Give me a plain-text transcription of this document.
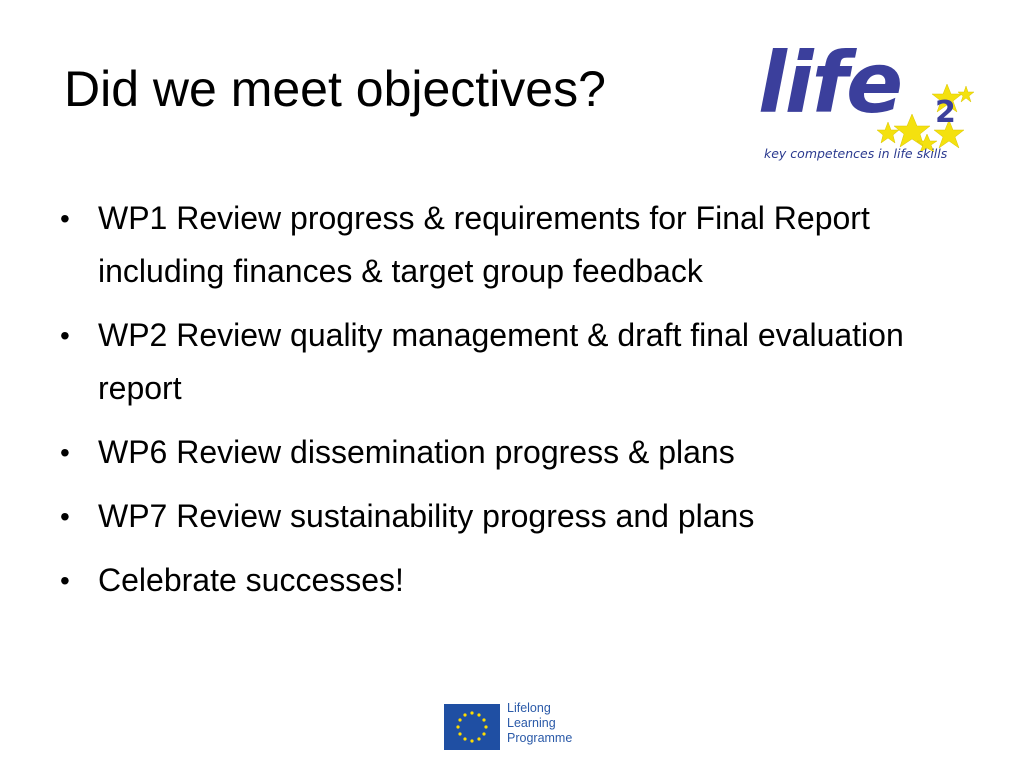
Did we meet objectives? life 2
key competences in life skills
• WP1 Review progress & requirements for Final Report including finances & target group feedback
• WP2 Review quality management & draft final evaluation report
• WP6 Review dissemination progress & plans
• WP7 Review sustainability progress and plans
• Celebrate successes!
Lifelong
Learning
Programme
